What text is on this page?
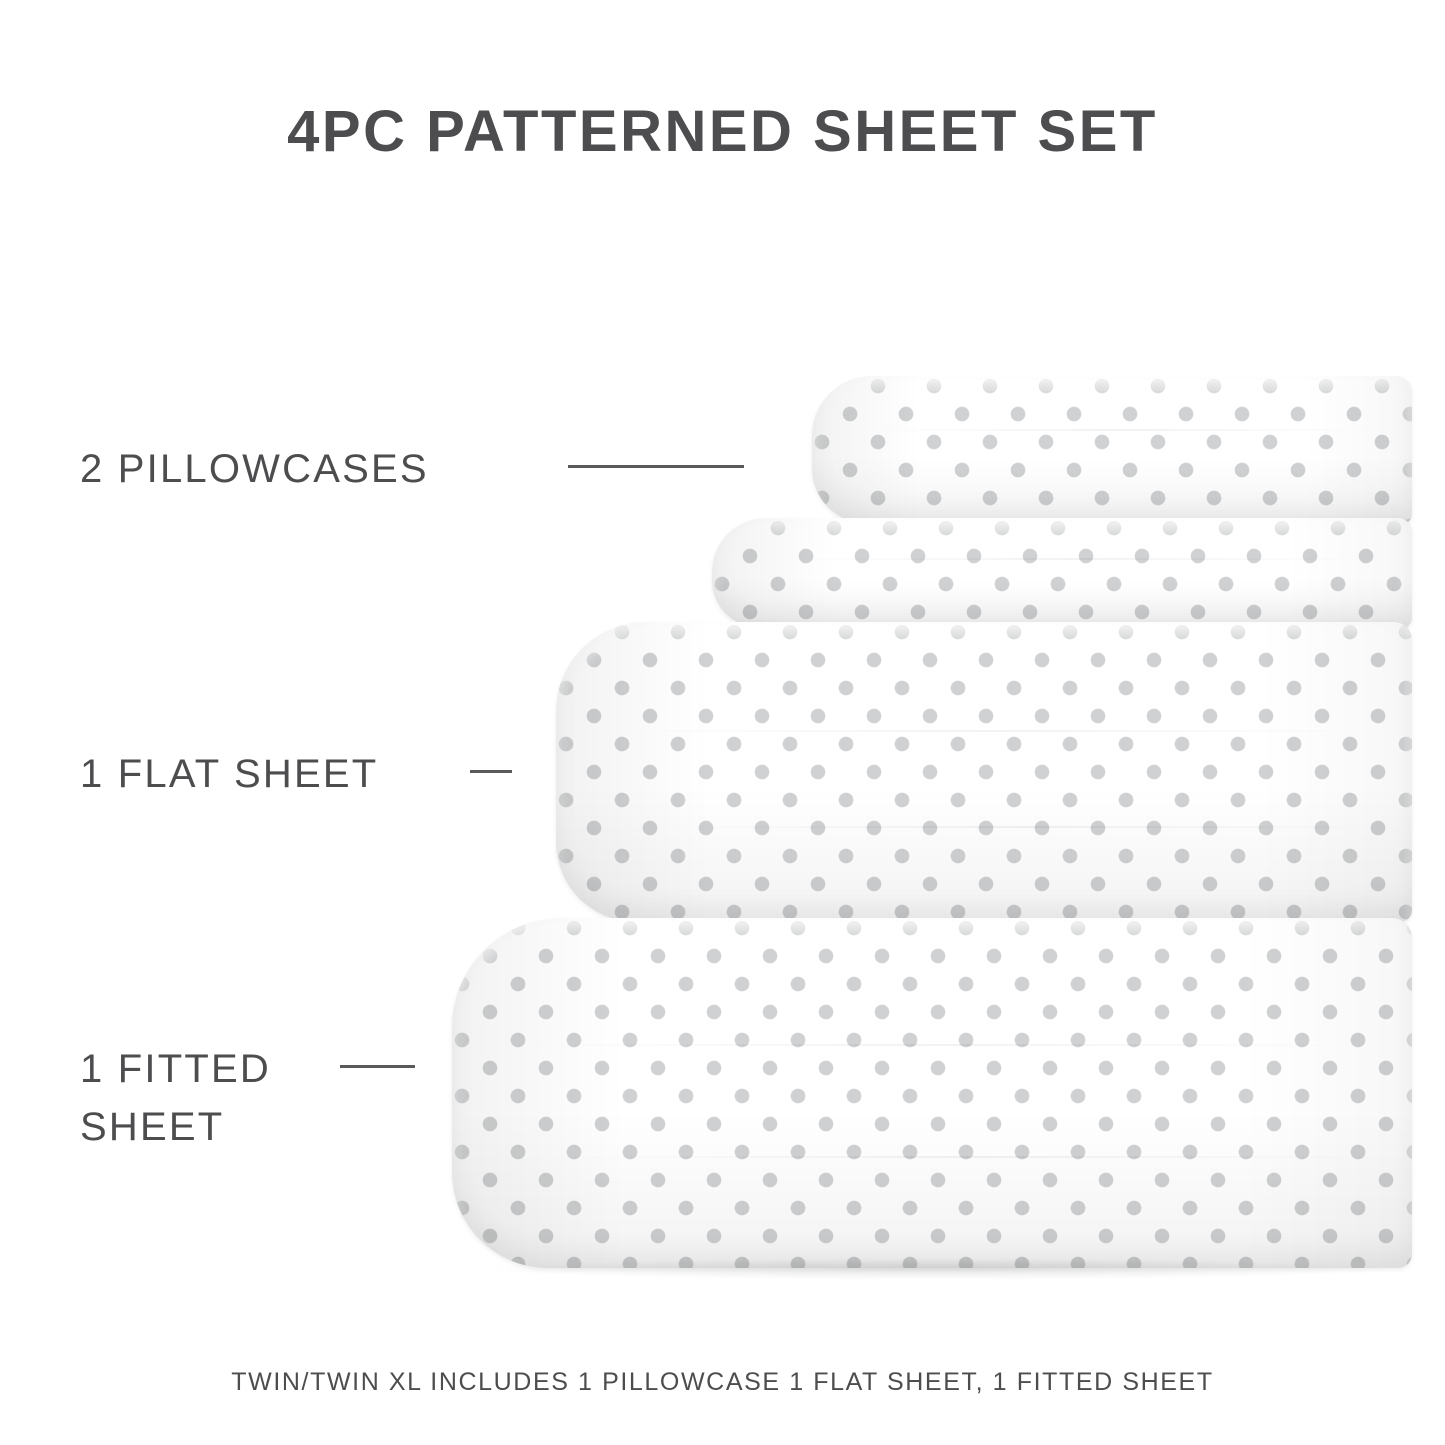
4PC PATTERNED SHEET SET
2 PILLOWCASES
1 FLAT SHEET
1 FITTED
SHEET
TWIN/TWIN XL INCLUDES 1 PILLOWCASE 1 FLAT SHEET, 1 FITTED SHEET
